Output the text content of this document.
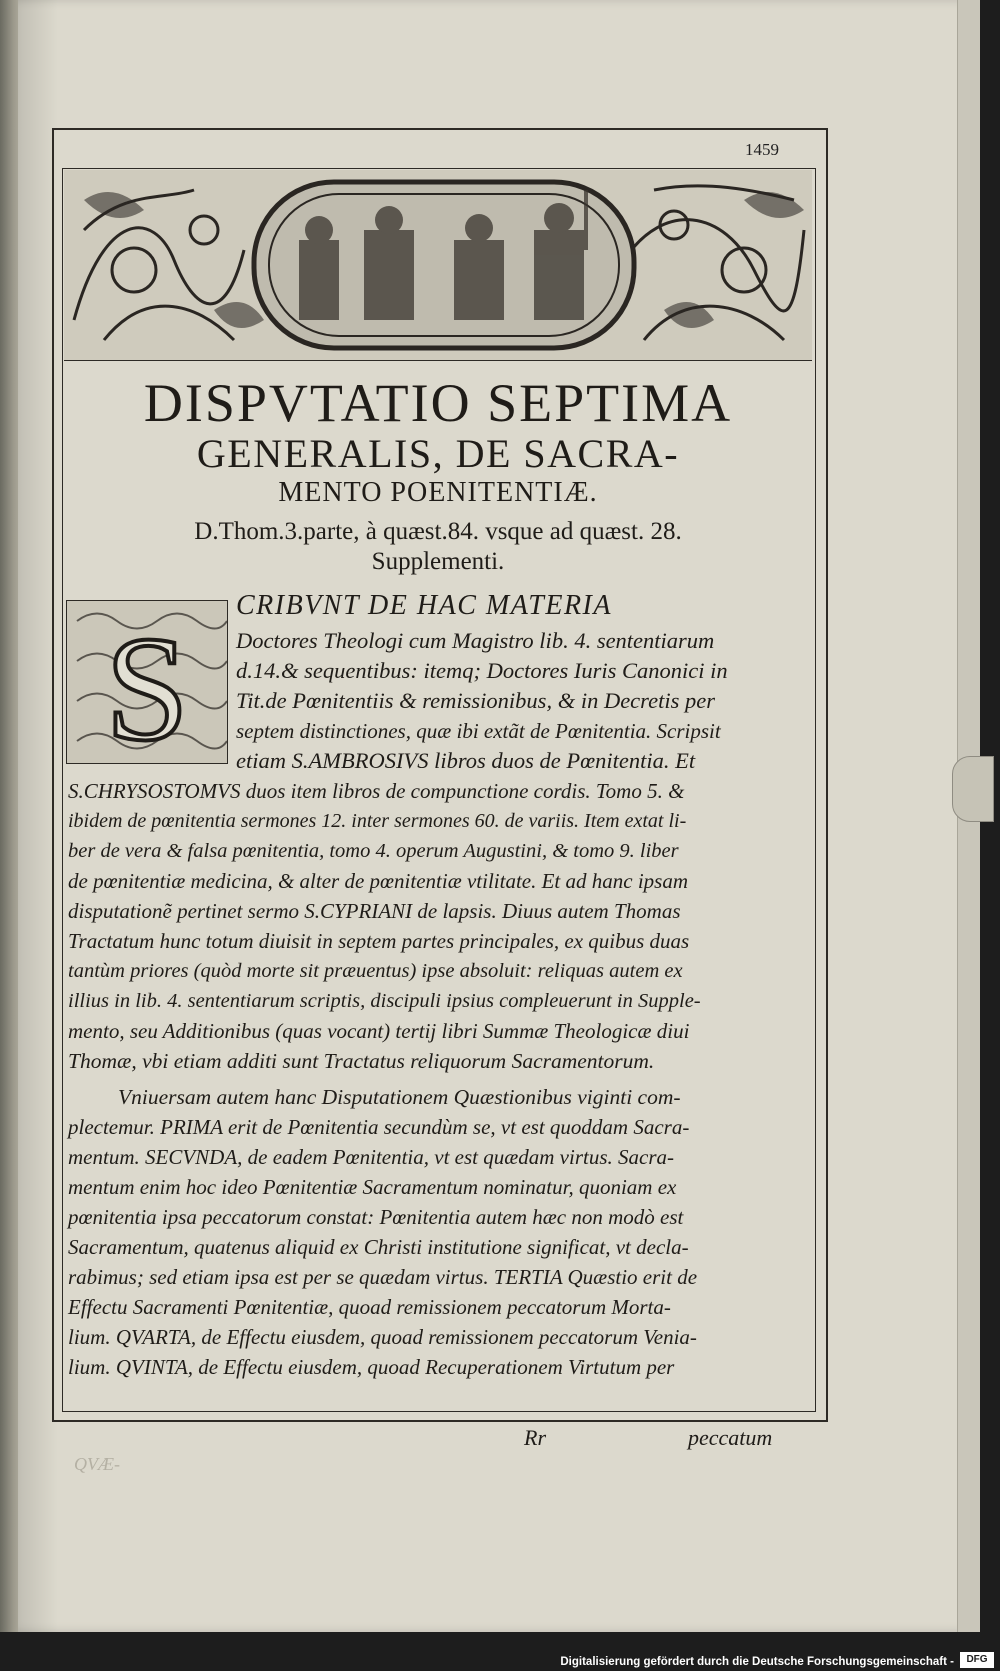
1459
DISPVTATIO SEPTIMA
GENERALIS, DE SACRA-
MENTO POENITENTIÆ.
D.Thom.3.parte, à quæst.84. vsque ad quæst. 28.
Supplementi.
S
CRIBVNT DE HAC MATERIA
Doctores Theologi cum Magistro lib. 4. sententiarum
d.14.& sequentibus: itemq; Doctores Iuris Canonici in
Tit.de Pœnitentiis & remissionibus, & in Decretis per
septem distinctiones, quæ ibi extãt de Pœnitentia. Scripsit
etiam S.AMBROSIVS libros duos de Pœnitentia. Et
S.CHRYSOSTOMVS duos item libros de compunctione cordis. Tomo 5. &
ibidem de pœnitentia sermones 12. inter sermones 60. de variis. Item extat li-
ber de vera & falsa pœnitentia, tomo 4. operum Augustini, & tomo 9. liber
de pœnitentiæ medicina, & alter de pœnitentiæ vtilitate. Et ad hanc ipsam
disputationẽ pertinet sermo S.CYPRIANI de lapsis. Diuus autem Thomas
Tractatum hunc totum diuisit in septem partes principales, ex quibus duas
tantùm priores (quòd morte sit præuentus) ipse absoluit: reliquas autem ex
illius in lib. 4. sententiarum scriptis, discipuli ipsius compleuerunt in Supple-
mento, seu Additionibus (quas vocant) tertij libri Summæ Theologicæ diui
Thomæ, vbi etiam additi sunt Tractatus reliquorum Sacramentorum.
Vniuersam autem hanc Disputationem Quæstionibus viginti com-
plectemur. PRIMA erit de Pœnitentia secundùm se, vt est quoddam Sacra-
mentum. SECVNDA, de eadem Pœnitentia, vt est quædam virtus. Sacra-
mentum enim hoc ideo Pœnitentiæ Sacramentum nominatur, quoniam ex
pœnitentia ipsa peccatorum constat: Pœnitentia autem hæc non modò est
Sacramentum, quatenus aliquid ex Christi institutione significat, vt decla-
rabimus; sed etiam ipsa est per se quædam virtus. TERTIA Quæstio erit de
Effectu Sacramenti Pœnitentiæ, quoad remissionem peccatorum Morta-
lium. QVARTA, de Effectu eiusdem, quoad remissionem peccatorum Venia-
lium. QVINTA, de Effectu eiusdem, quoad Recuperationem Virtutum per
QVÆ-
Rr	peccatum
Digitalisierung gefördert durch die Deutsche Forschungsgemeinschaft -	DFG
